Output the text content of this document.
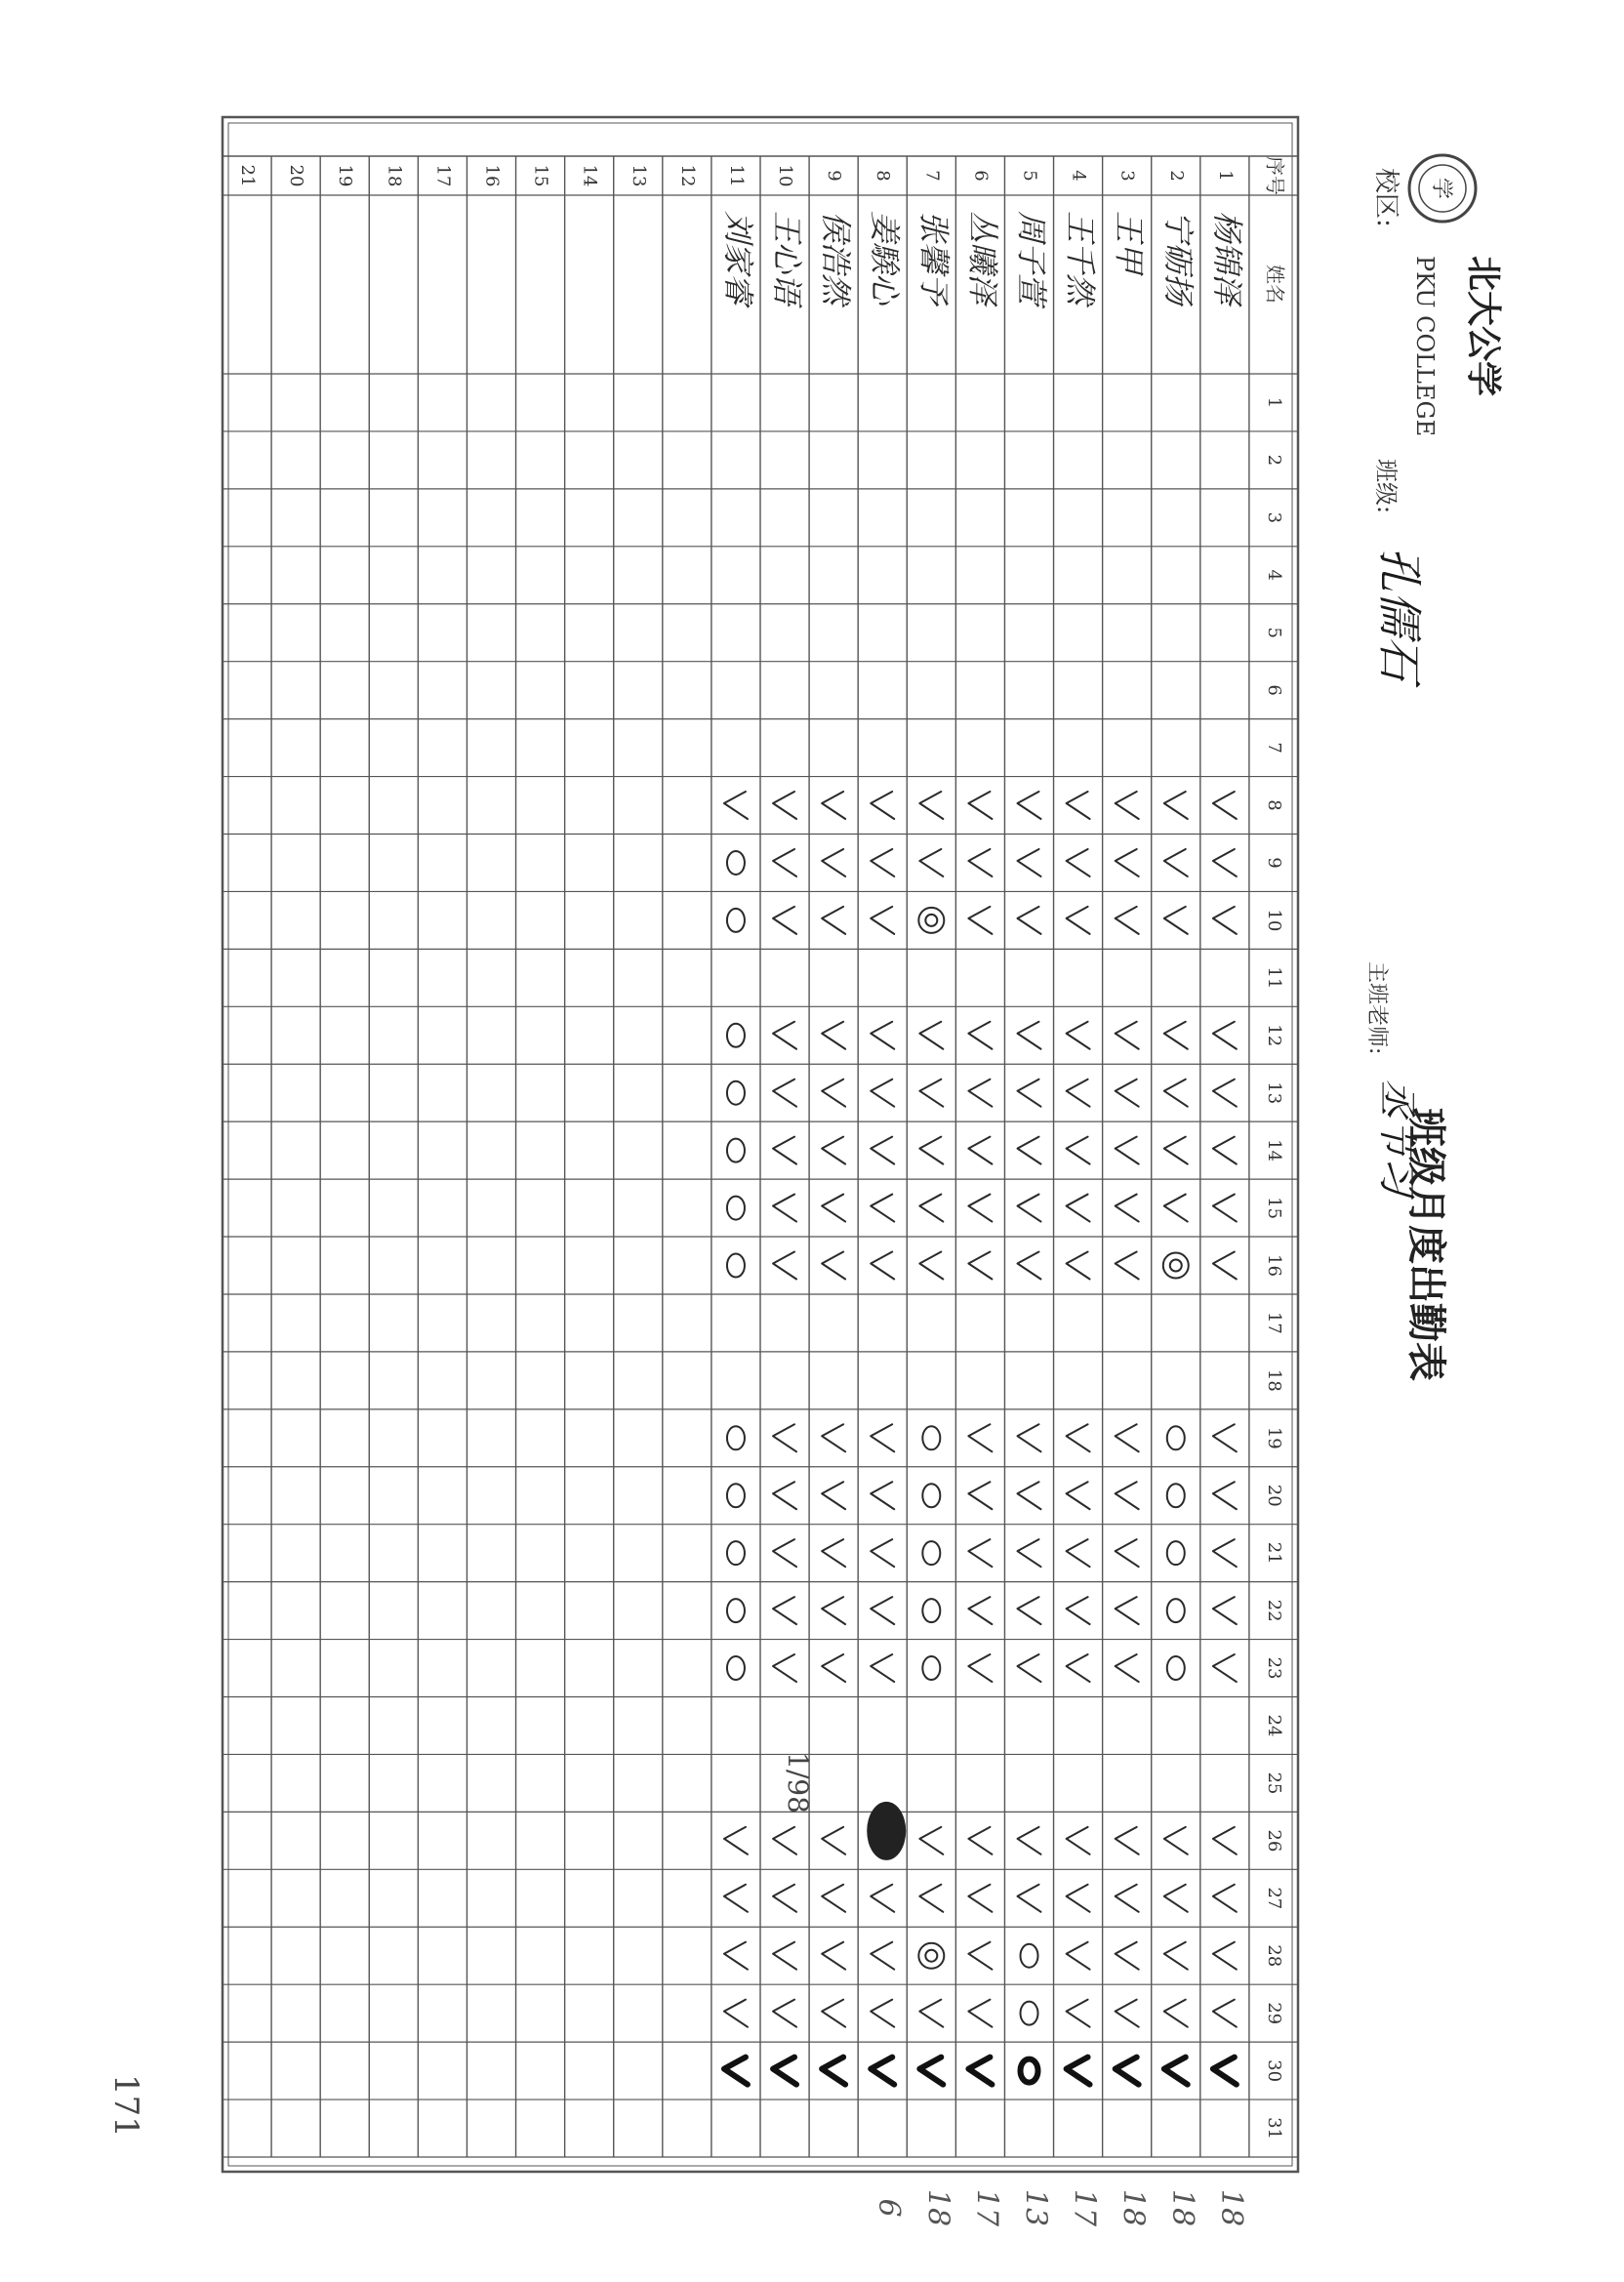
序号
姓名
1
2
3
4
5
6
7
8
9
10
11
12
13
14
15
16
17
18
19
20
21
22
23
24
25
26
27
28
29
30
31
1
杨锦泽
2
宁砺扬
3
王甲
4
王千然
5
周子萱
6
丛曦泽
7
张馨予
8
姜騃心
9
侯浩然
10
王心语
11
刘家睿
12
13
14
15
16
17
18
19
20
21
学
北大公学
PKU COLLEGE
校区:
班级:
孔儒石
主班老师:
丞节习
班级月度出勤表
1/98
171
18
18
18
17
13
17
18
6
